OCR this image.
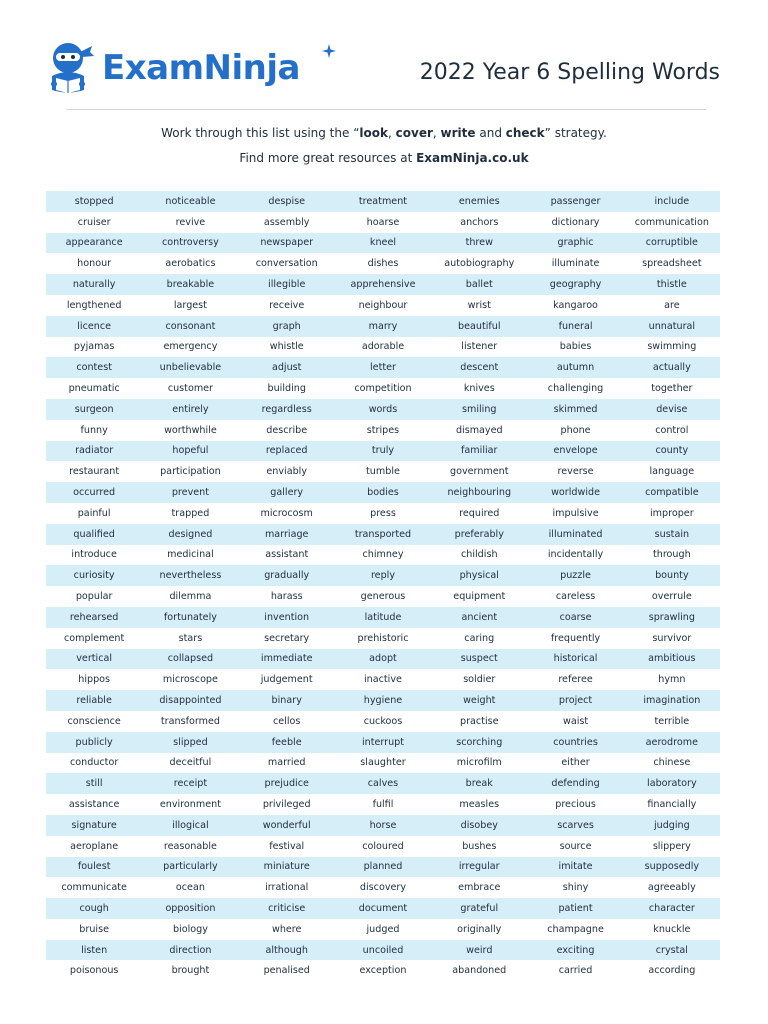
ExamNinja	2022 Year 6 Spelling Words
Work through this list using the “look, cover, write and check” strategy.
Find more great resources at ExamNinja.co.uk
stopped	noticeable	despise	treatment	enemies	passenger	include
cruiser	revive	assembly	hoarse	anchors	dictionary	communication
appearance	controversy	newspaper	kneel	threw	graphic	corruptible
honour	aerobatics	conversation	dishes	autobiography	illuminate	spreadsheet
naturally	breakable	illegible	apprehensive	ballet	geography	thistle
lengthened	largest	receive	neighbour	wrist	kangaroo	are
licence	consonant	graph	marry	beautiful	funeral	unnatural
pyjamas	emergency	whistle	adorable	listener	babies	swimming
contest	unbelievable	adjust	letter	descent	autumn	actually
pneumatic	customer	building	competition	knives	challenging	together
surgeon	entirely	regardless	words	smiling	skimmed	devise
funny	worthwhile	describe	stripes	dismayed	phone	control
radiator	hopeful	replaced	truly	familiar	envelope	county
restaurant	participation	enviably	tumble	government	reverse	language
occurred	prevent	gallery	bodies	neighbouring	worldwide	compatible
painful	trapped	microcosm	press	required	impulsive	improper
qualified	designed	marriage	transported	preferably	illuminated	sustain
introduce	medicinal	assistant	chimney	childish	incidentally	through
curiosity	nevertheless	gradually	reply	physical	puzzle	bounty
popular	dilemma	harass	generous	equipment	careless	overrule
rehearsed	fortunately	invention	latitude	ancient	coarse	sprawling
complement	stars	secretary	prehistoric	caring	frequently	survivor
vertical	collapsed	immediate	adopt	suspect	historical	ambitious
hippos	microscope	judgement	inactive	soldier	referee	hymn
reliable	disappointed	binary	hygiene	weight	project	imagination
conscience	transformed	cellos	cuckoos	practise	waist	terrible
publicly	slipped	feeble	interrupt	scorching	countries	aerodrome
conductor	deceitful	married	slaughter	microfilm	either	chinese
still	receipt	prejudice	calves	break	defending	laboratory
assistance	environment	privileged	fulfil	measles	precious	financially
signature	illogical	wonderful	horse	disobey	scarves	judging
aeroplane	reasonable	festival	coloured	bushes	source	slippery
foulest	particularly	miniature	planned	irregular	imitate	supposedly
communicate	ocean	irrational	discovery	embrace	shiny	agreeably
cough	opposition	criticise	document	grateful	patient	character
bruise	biology	where	judged	originally	champagne	knuckle
listen	direction	although	uncoiled	weird	exciting	crystal
poisonous	brought	penalised	exception	abandoned	carried	according
